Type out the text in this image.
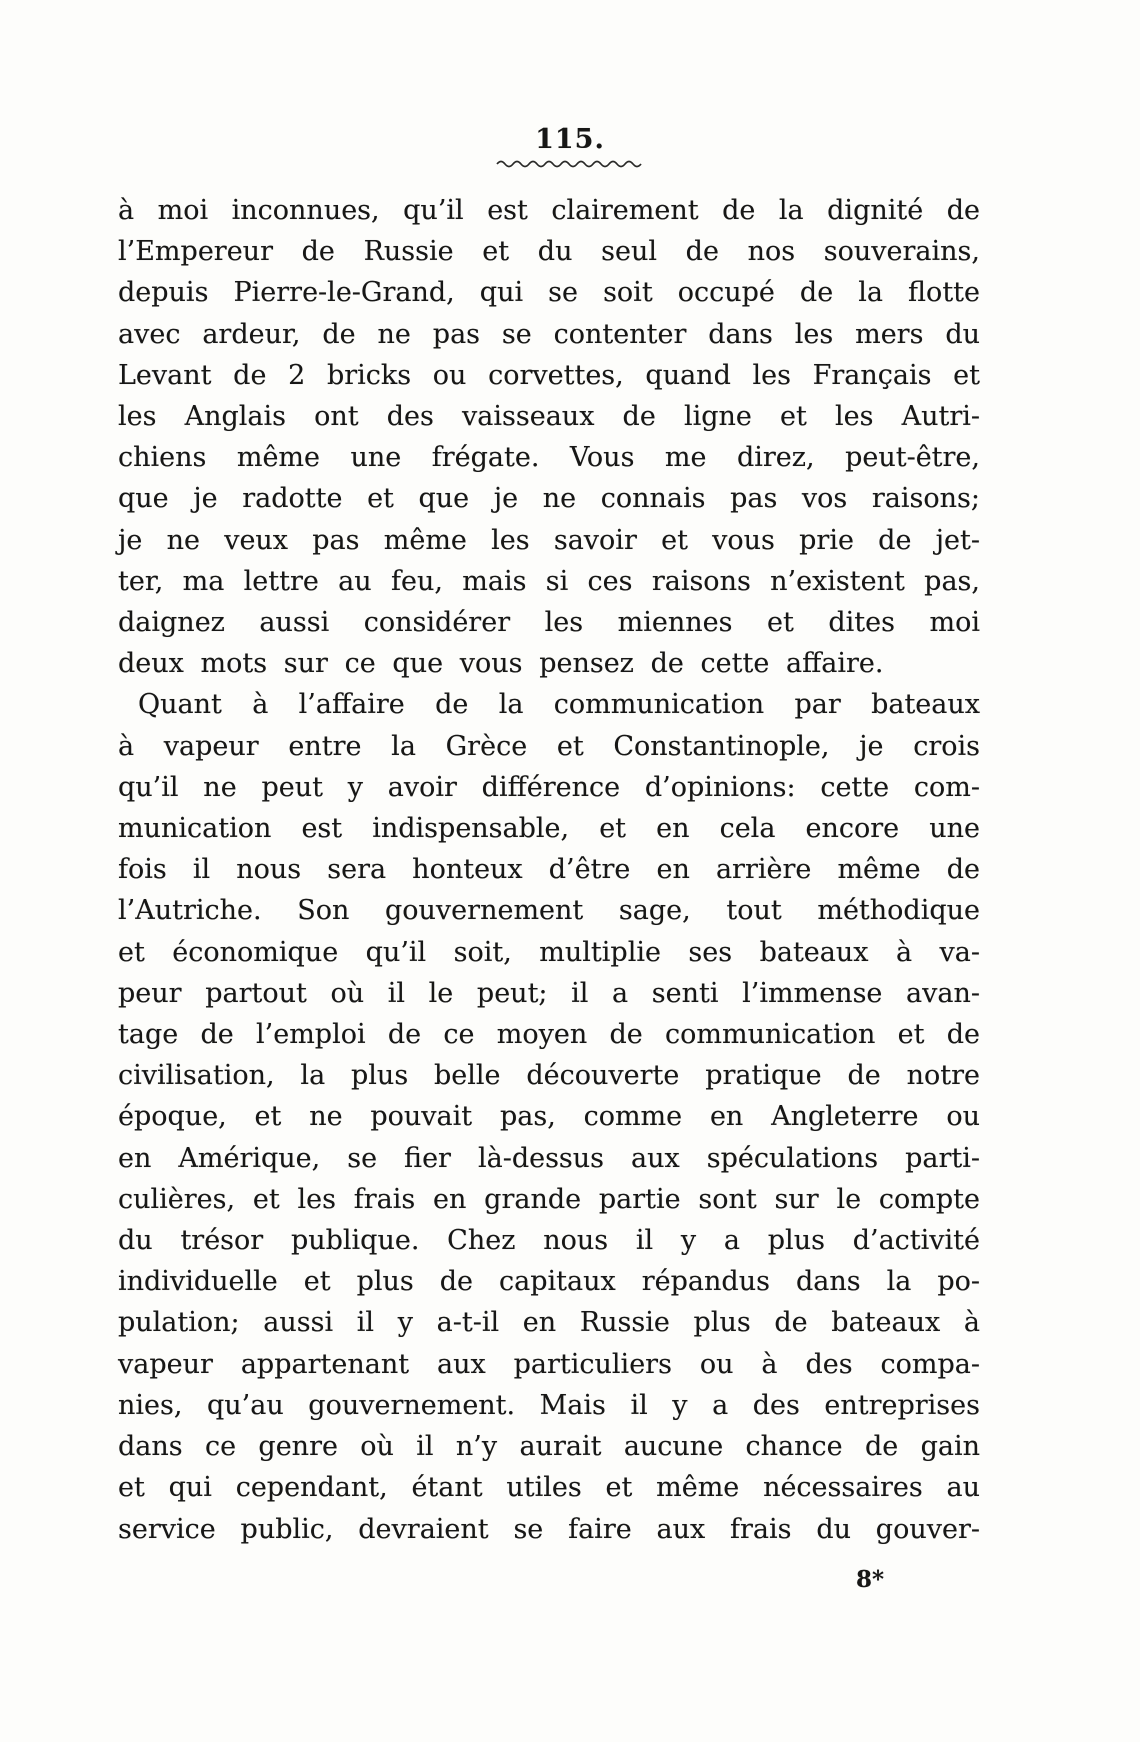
115.
à moi inconnues, qu’il est clairement de la dignité de
l’Empereur de Russie et du seul de nos souverains,
depuis Pierre-le-Grand, qui se soit occupé de la flotte
avec ardeur, de ne pas se contenter dans les mers du
Levant de 2 bricks ou corvettes, quand les Français et
les Anglais ont des vaisseaux de ligne et les Autri-
chiens même une frégate. Vous me direz, peut-être,
que je radotte et que je ne connais pas vos raisons;
je ne veux pas même les savoir et vous prie de jet-
ter, ma lettre au feu, mais si ces raisons n’existent pas,
daignez aussi considérer les miennes et dites moi
deux mots sur ce que vous pensez de cette affaire.
Quant à l’affaire de la communication par bateaux
à vapeur entre la Grèce et Constantinople, je crois
qu’il ne peut y avoir différence d’opinions: cette com-
munication est indispensable, et en cela encore une
fois il nous sera honteux d’être en arrière même de
l’Autriche. Son gouvernement sage, tout méthodique
et économique qu’il soit, multiplie ses bateaux à va-
peur partout où il le peut; il a senti l’immense avan-
tage de l’emploi de ce moyen de communication et de
civilisation, la plus belle découverte pratique de notre
époque, et ne pouvait pas, comme en Angleterre ou
en Amérique, se fier là-dessus aux spéculations parti-
culières, et les frais en grande partie sont sur le compte
du trésor publique. Chez nous il y a plus d’activité
individuelle et plus de capitaux répandus dans la po-
pulation; aussi il y a-t-il en Russie plus de bateaux à
vapeur appartenant aux particuliers ou à des compa-
nies, qu’au gouvernement. Mais il y a des entreprises
dans ce genre où il n’y aurait aucune chance de gain
et qui cependant, étant utiles et même nécessaires au
service public, devraient se faire aux frais du gouver-
8*
